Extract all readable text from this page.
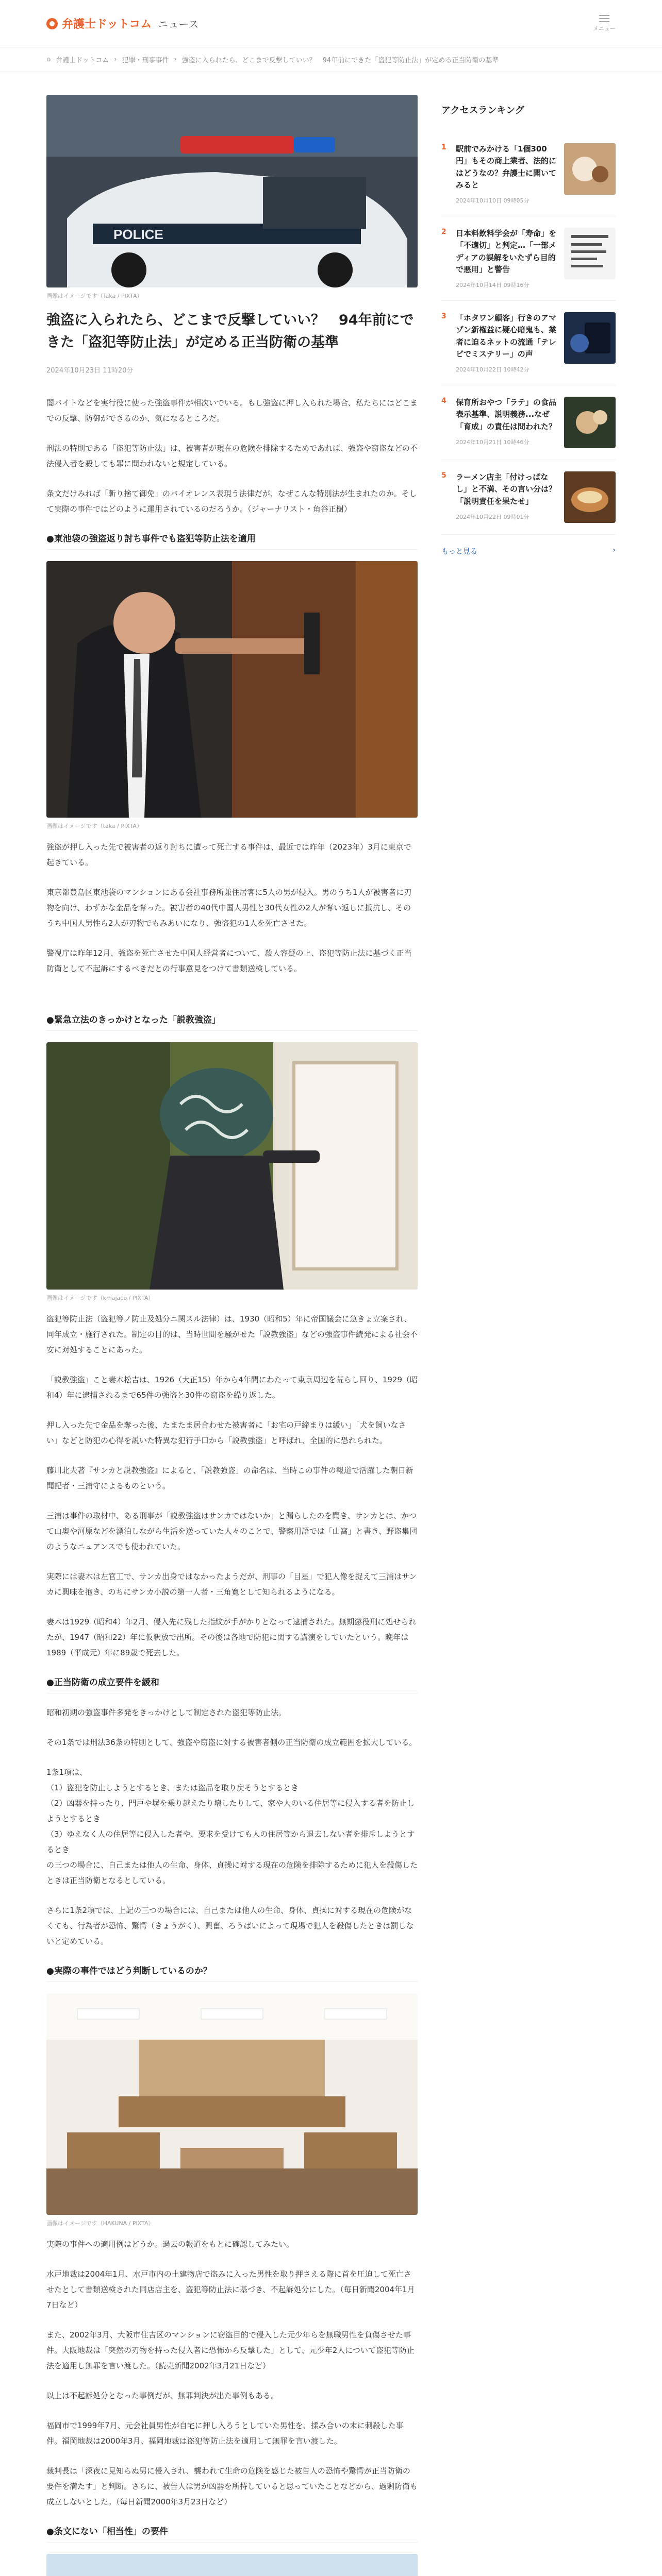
弁護士ドットコム ニュース	メニュー
⌂ 弁護士ドットコム › 犯罪・刑事事件 › 強盗に入られたら、どこまで反撃していい？　94年前にできた「盗犯等防止法」が定める正当防衛の基準
POLICE

画像はイメージです（Taka / PIXTA）

強盗に入られたら、どこまで反撃していい？　94年前にできた「盗犯等防止法」が定める正当防衛の基準

2024年10月23日 11時20分

闇バイトなどを実行役に使った強盗事件が相次いでいる。もし強盗に押し入られた場合、私たちにはどこまでの反撃、防御ができるのか、気になるところだ。

刑法の特則である「盗犯等防止法」は、被害者が現在の危険を排除するためであれば、強盗や窃盗などの不法侵入者を殺しても罪に問われないと規定している。

条文だけみれば「斬り捨て御免」のバイオレンス表現う法律だが、なぜこんな特別法が生まれたのか。そして実際の事件ではどのように運用されているのだろうか。（ジャーナリスト・角谷正樹）

●東池袋の強盗返り討ち事件でも盗犯等防止法を適用

画像はイメージです（taka / PIXTA）

強盗が押し入った先で被害者の返り討ちに遭って死亡する事件は、最近では昨年（2023年）3月に東京で起きている。

東京都豊島区東池袋のマンションにある会社事務所兼住居客に5人の男が侵入。男のうち1人が被害者に刃物を向け、わずかな金品を奪った。被害者の40代中国人男性と30代女性の2人が奪い返しに抵抗し、そのうち中国人男性ら2人が刃物でもみあいになり、強盗犯の1人を死亡させた。

警視庁は昨年12月、強盗を死亡させた中国人経営者について、殺人容疑の上、盗犯等防止法に基づく正当防衛として不起訴にするべきだとの行事意見をつけて書類送検している。

●緊急立法のきっかけとなった「説教強盗」

画像はイメージです（kmajaco / PIXTA）

盗犯等防止法（盗犯等ノ防止及処分ニ関スル法律）は、1930（昭和5）年に帝国議会に急きょ立案され、同年成立・施行された。制定の目的は、当時世間を騒がせた「説教強盗」などの強盗事件続発による社会不安に対処することにあった。

「説教強盗」こと妻木松吉は、1926（大正15）年から4年間にわたって東京周辺を荒らし回り、1929（昭和4）年に逮捕されるまで65件の強盗と30件の窃盗を繰り返した。

押し入った先で金品を奪った後、たまたま居合わせた被害者に「お宅の戸締まりは緩い」「犬を飼いなさい」などと防犯の心得を説いた特異な犯行手口から「説教強盗」と呼ばれ、全国的に恐れられた。

藤川北夫著『サンカと説教強盗』によると、「説教強盗」の命名は、当時この事件の報道で活躍した朝日新聞記者・三浦守によるものという。

三浦は事件の取材中、ある刑事が「説教強盗はサンカではないか」と漏らしたのを聞き、サンカとは、かつて山奥や河原などを漂泊しながら生活を送っていた人々のことで、警察用語では「山窩」と書き、野盗集団のようなニュアンスでも使われていた。

実際には妻木は左官工で、サンカ出身ではなかったようだが、刑事の「目星」で犯人像を捉えて三浦はサンカに興味を抱き、のちにサンカ小説の第一人者・三角寛として知られるようになる。

妻木は1929（昭和4）年2月、侵入先に残した指紋が手がかりとなって逮捕された。無期懲役刑に処せられたが、1947（昭和22）年に仮釈放で出所。その後は各地で防犯に関する講演をしていたという。晩年は1989（平成元）年に89歳で死去した。

●正当防衛の成立要件を緩和

昭和初期の強盗事件多発をきっかけとして制定された盗犯等防止法。

その1条では刑法36条の特則として、強盗や窃盗に対する被害者側の正当防衛の成立範囲を拡大している。

1条1項は、
（1）盗犯を防止しようとするとき、または盗品を取り戻そうとするとき
（2）凶器を持ったり、門戸や塀を乗り越えたり壊したりして、家や人のいる住居等に侵入する者を防止しようとするとき
（3）ゆえなく人の住居等に侵入した者や、要求を受けても人の住居等から退去しない者を排斥しようとするとき
の三つの場合に、自己または他人の生命、身体、貞操に対する現在の危険を排除するために犯人を殺傷したときは正当防衛となるとしている。

さらに1条2項では、上記の三つの場合には、自己または他人の生命、身体、貞操に対する現在の危険がなくても、行為者が恐怖、驚愕（きょうがく）、興奮、ろうばいによって現場で犯人を殺傷したときは罰しないと定めている。

●実際の事件ではどう判断しているのか？

画像はイメージです（HAKUNA / PIXTA）

実際の事件への適用例はどうか。過去の報道をもとに確認してみたい。

水戸地裁は2004年1月、水戸市内の土建物店で盗みに入った男性を取り押さえる際に首を圧迫して死亡させたとして書類送検された同店店主を、盗犯等防止法に基づき、不起訴処分にした。（毎日新聞2004年1月7日など）

また、2002年3月、大阪市住吉区のマンションに窃盗目的で侵入した元少年らを無職男性を負傷させた事件。大阪地裁は「突然の刃物を持った侵入者に恐怖から反撃した」として、元少年2人について盗犯等防止法を適用し無罪を言い渡した。（読売新聞2002年3月21日など）

以上は不起訴処分となった事例だが、無罪判決が出た事例もある。

福岡市で1999年7月、元会社員男性が自宅に押し入ろうとしていた男性を、揉み合いの末に刺殺した事件。福岡地裁は2000年3月、福岡地裁は盗犯等防止法を適用して無罪を言い渡した。

裁判長は「深夜に見知らぬ男に侵入され、襲われて生命の危険を感じた被告人の恐怖や驚愕が正当防衛の要件を満たす」と判断。さらに、被告人は男が凶器を所持していると思っていたことなどから、過剰防衛も成立しないとした。（毎日新聞2000年3月23日など）

●条文にない「相当性」の要件
アクセスランキング
1 駅前でみかける「1個300円」もその商上業者、法的にはどうなの？弁護士に聞いてみると

2024年10月10日 09時05分

2 日本料飲料学会が「寿命」を「不適切」と判定…「一部メディアの誤解をいたずら目的で悪用」と警告

2024年10月14日 09時16分

3 「ホタワン顧客」行きのアマゾン新権益に疑心暗鬼も、業者に迫るネットの流通「テレビでミステリー」の声

2024年10月22日 10時42分

4 保育所おやつ「ラテ」の食品表示基準、説明義務...なぜ「育成」の責任は問われた？

2024年10月21日 10時46分

5 ラーメン店主「付けっぱなし」と不満、その言い分は？「説明責任を果たせ」

2024年10月22日 09時01分

もっと見る	›
